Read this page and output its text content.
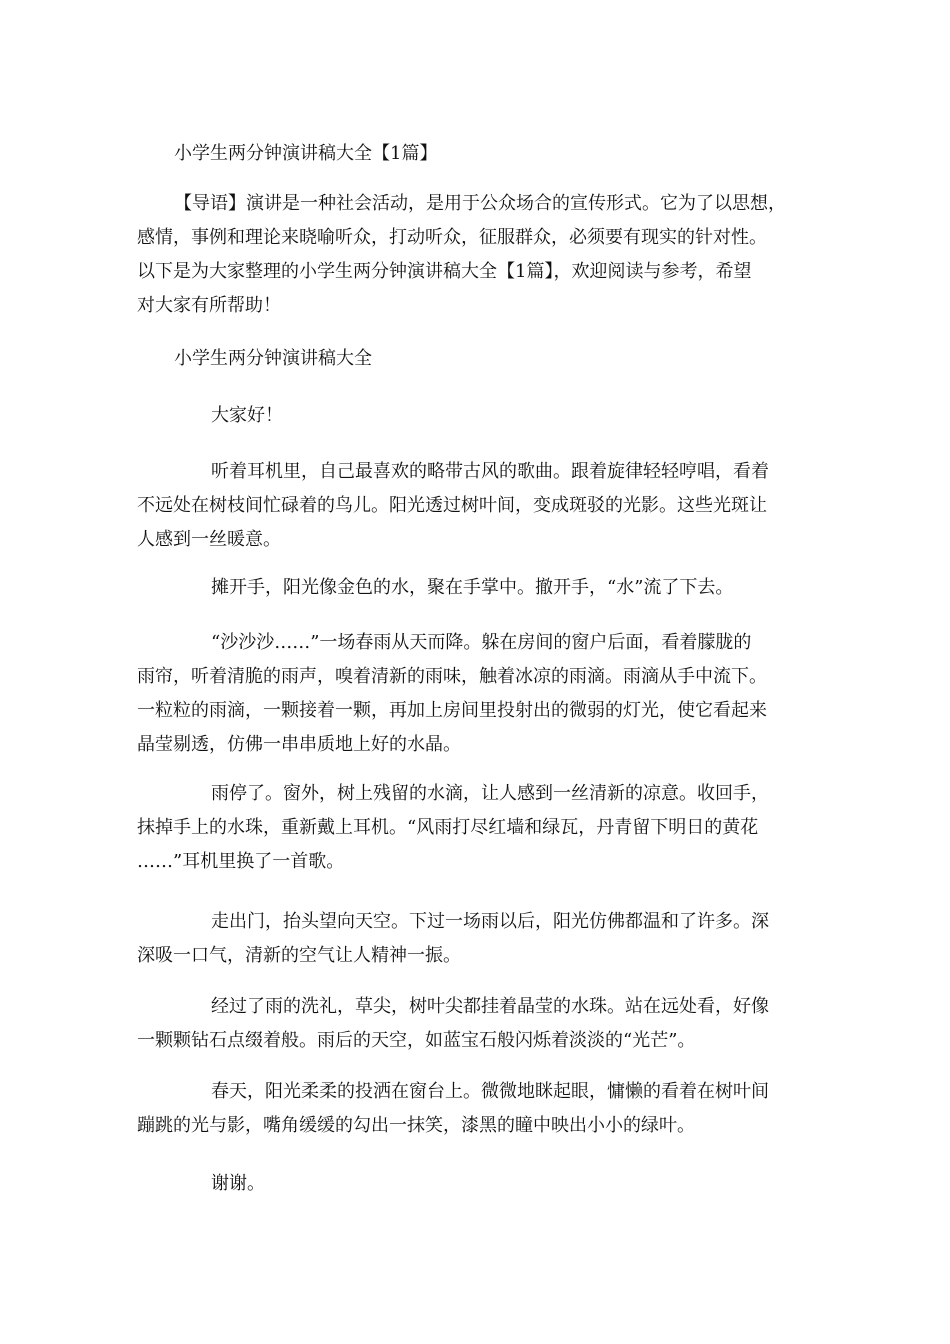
小学生两分钟演讲稿大全【1篇】

【导语】演讲是一种社会活动，是用于公众场合的宣传形式。它为了以思想，
感情，事例和理论来晓喻听众，打动听众，征服群众，必须要有现实的针对性。
以下是为大家整理的小学生两分钟演讲稿大全【1篇】，欢迎阅读与参考，希望
对大家有所帮助！

小学生两分钟演讲稿大全

大家好！

听着耳机里，自己最喜欢的略带古风的歌曲。跟着旋律轻轻哼唱，看着
不远处在树枝间忙碌着的鸟儿。阳光透过树叶间，变成斑驳的光影。这些光斑让
人感到一丝暖意。
摊开手，阳光像金色的水，聚在手掌中。撤开手，“水”流了下去。
“沙沙沙……”一场春雨从天而降。躲在房间的窗户后面，看着朦胧的
雨帘，听着清脆的雨声，嗅着清新的雨味，触着冰凉的雨滴。雨滴从手中流下。
一粒粒的雨滴，一颗接着一颗，再加上房间里投射出的微弱的灯光，使它看起来
晶莹剔透，仿佛一串串质地上好的水晶。
雨停了。窗外，树上残留的水滴，让人感到一丝清新的凉意。收回手，
抹掉手上的水珠，重新戴上耳机。“风雨打尽红墙和绿瓦，丹青留下明日的黄花
……”耳机里换了一首歌。
走出门，抬头望向天空。下过一场雨以后，阳光仿佛都温和了许多。深
深吸一口气，清新的空气让人精神一振。
经过了雨的洗礼，草尖，树叶尖都挂着晶莹的水珠。站在远处看，好像
一颗颗钻石点缀着般。雨后的天空，如蓝宝石般闪烁着淡淡的“光芒”。
春天，阳光柔柔的投洒在窗台上。微微地眯起眼，慵懒的看着在树叶间
蹦跳的光与影，嘴角缓缓的勾出一抹笑，漆黑的瞳中映出小小的绿叶。

谢谢。
